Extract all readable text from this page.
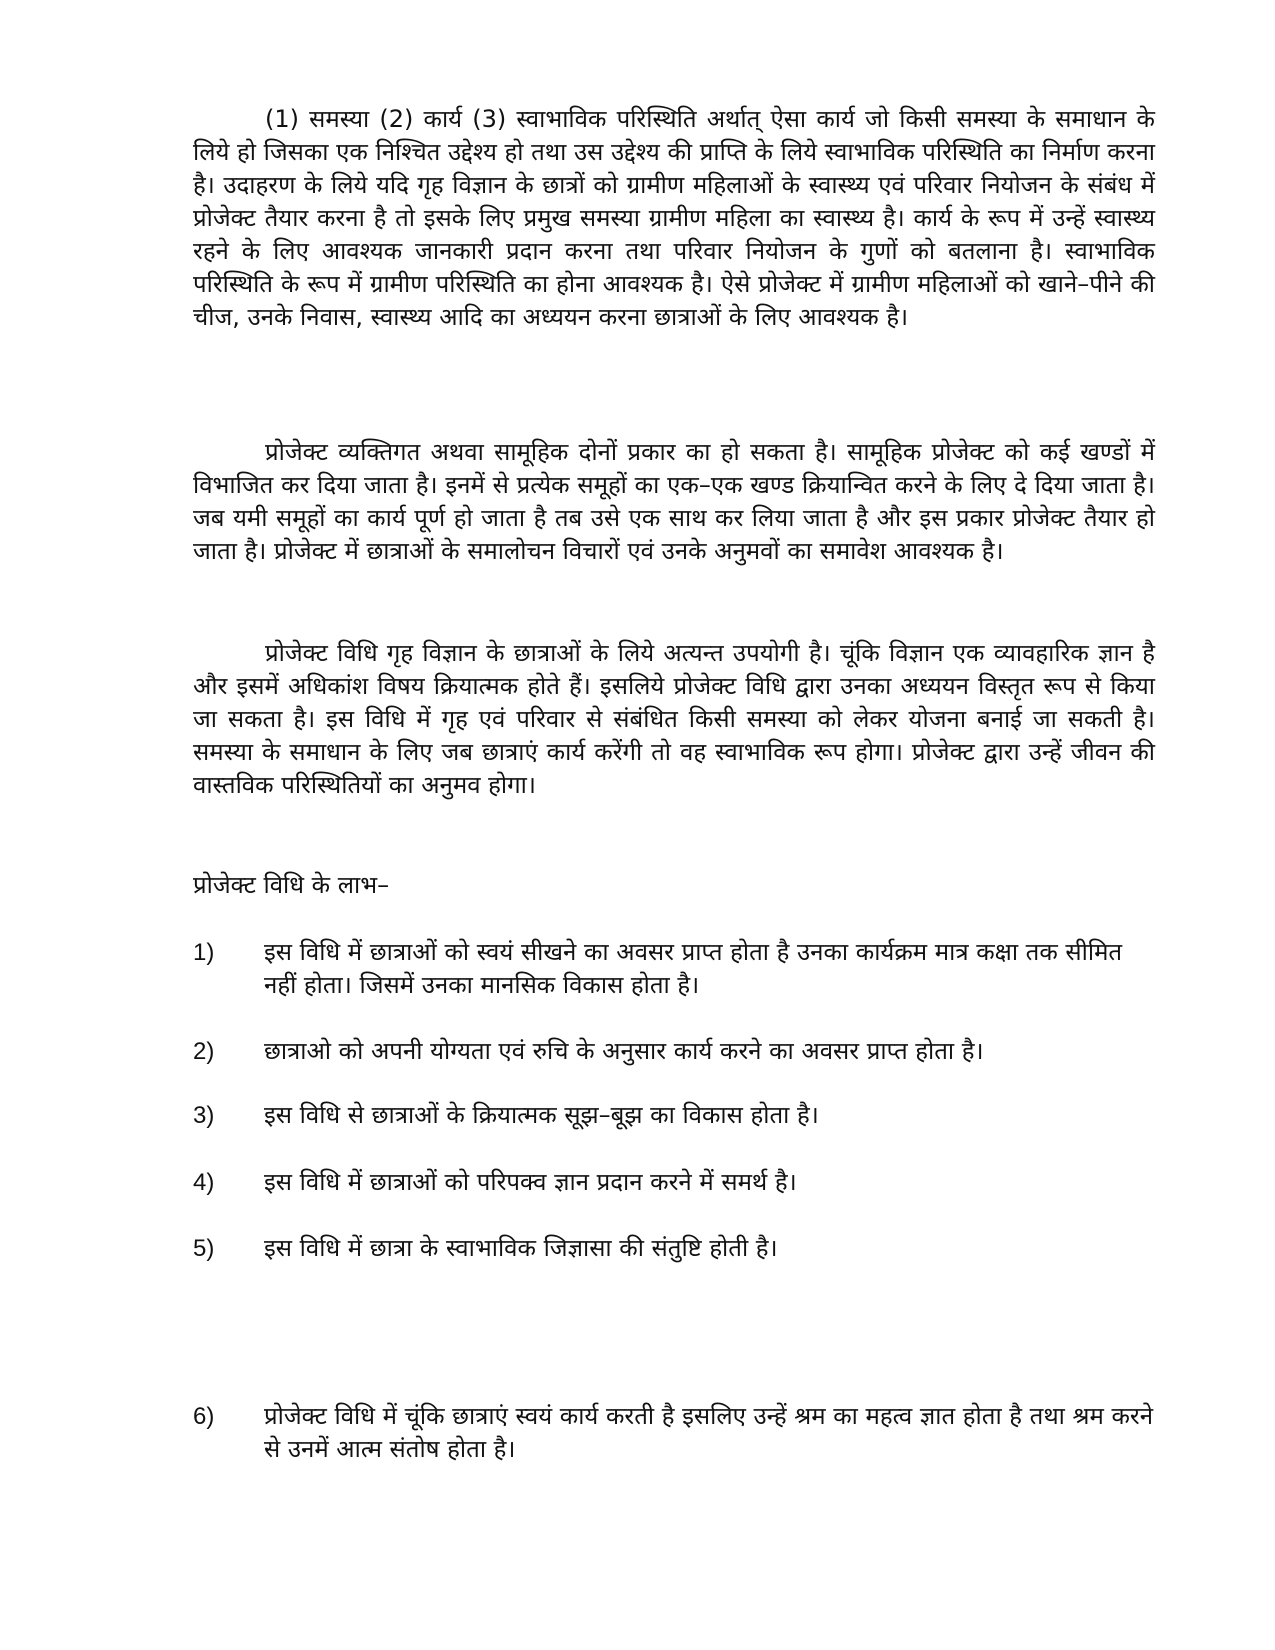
(1) समस्या (2) कार्य (3) स्वाभाविक परिस्थिति अर्थात् ऐसा कार्य जो किसी समस्या के समाधान के लिये हो जिसका एक निश्चित उद्देश्य हो तथा उस उद्देश्य की प्राप्ति के लिये स्वाभाविक परिस्थिति का निर्माण करना है। उदाहरण के लिये यदि गृह विज्ञान के छात्रों को ग्रामीण महिलाओं के स्वास्थ्य एवं परिवार नियोजन के संबंध में प्रोजेक्ट तैयार करना है तो इसके लिए प्रमुख समस्या ग्रामीण महिला का स्वास्थ्य है। कार्य के रूप में उन्हें स्वास्थ्य रहने के लिए आवश्यक जानकारी प्रदान करना तथा परिवार नियोजन के गुणों को बतलाना है। स्वाभाविक परिस्थिति के रूप में ग्रामीण परिस्थिति का होना आवश्यक है। ऐसे प्रोजेक्ट में ग्रामीण महिलाओं को खाने–पीने की चीज, उनके निवास, स्वास्थ्य आदि का अध्ययन करना छात्राओं के लिए आवश्यक है।

प्रोजेक्ट व्यक्तिगत अथवा सामूहिक दोनों प्रकार का हो सकता है। सामूहिक प्रोजेक्ट को कई खण्डों में विभाजित कर दिया जाता है। इनमें से प्रत्येक समूहों का एक–एक खण्ड क्रियान्वित करने के लिए दे दिया जाता है। जब यमी समूहों का कार्य पूर्ण हो जाता है तब उसे एक साथ कर लिया जाता है और इस प्रकार प्रोजेक्ट तैयार हो जाता है। प्रोजेक्ट में छात्राओं के समालोचन विचारों एवं उनके अनुमवों का समावेश आवश्यक है।

प्रोजेक्ट विधि गृह विज्ञान के छात्राओं के लिये अत्यन्त उपयोगी है। चूंकि विज्ञान एक व्यावहारिक ज्ञान है और इसमें अधिकांश विषय क्रियात्मक होते हैं। इसलिये प्रोजेक्ट विधि द्वारा उनका अध्ययन विस्तृत रूप से किया जा सकता है। इस विधि में गृह एवं परिवार से संबंधित किसी समस्या को लेकर योजना बनाई जा सकती है। समस्या के समाधान के लिए जब छात्राएं कार्य करेंगी तो वह स्वाभाविक रूप होगा। प्रोजेक्ट द्वारा उन्हें जीवन की वास्तविक परिस्थितियों का अनुमव होगा।

प्रोजेक्ट विधि के लाभ–

1) इस विधि में छात्राओं को स्वयं सीखने का अवसर प्राप्त होता है उनका कार्यक्रम मात्र कक्षा तक सीमित नहीं होता। जिसमें उनका मानसिक विकास होता है।
2) छात्राओ को अपनी योग्यता एवं रुचि के अनुसार कार्य करने का अवसर प्राप्त होता है।
3) इस विधि से छात्राओं के क्रियात्मक सूझ–बूझ का विकास होता है।
4) इस विधि में छात्राओं को परिपक्व ज्ञान प्रदान करने में समर्थ है।
5) इस विधि में छात्रा के स्वाभाविक जिज्ञासा की संतुष्टि होती है।
6) प्रोजेक्ट विधि में चूंकि छात्राएं स्वयं कार्य करती है इसलिए उन्हें श्रम का महत्व ज्ञात होता है तथा श्रम करने से उनमें आत्म संतोष होता है।
